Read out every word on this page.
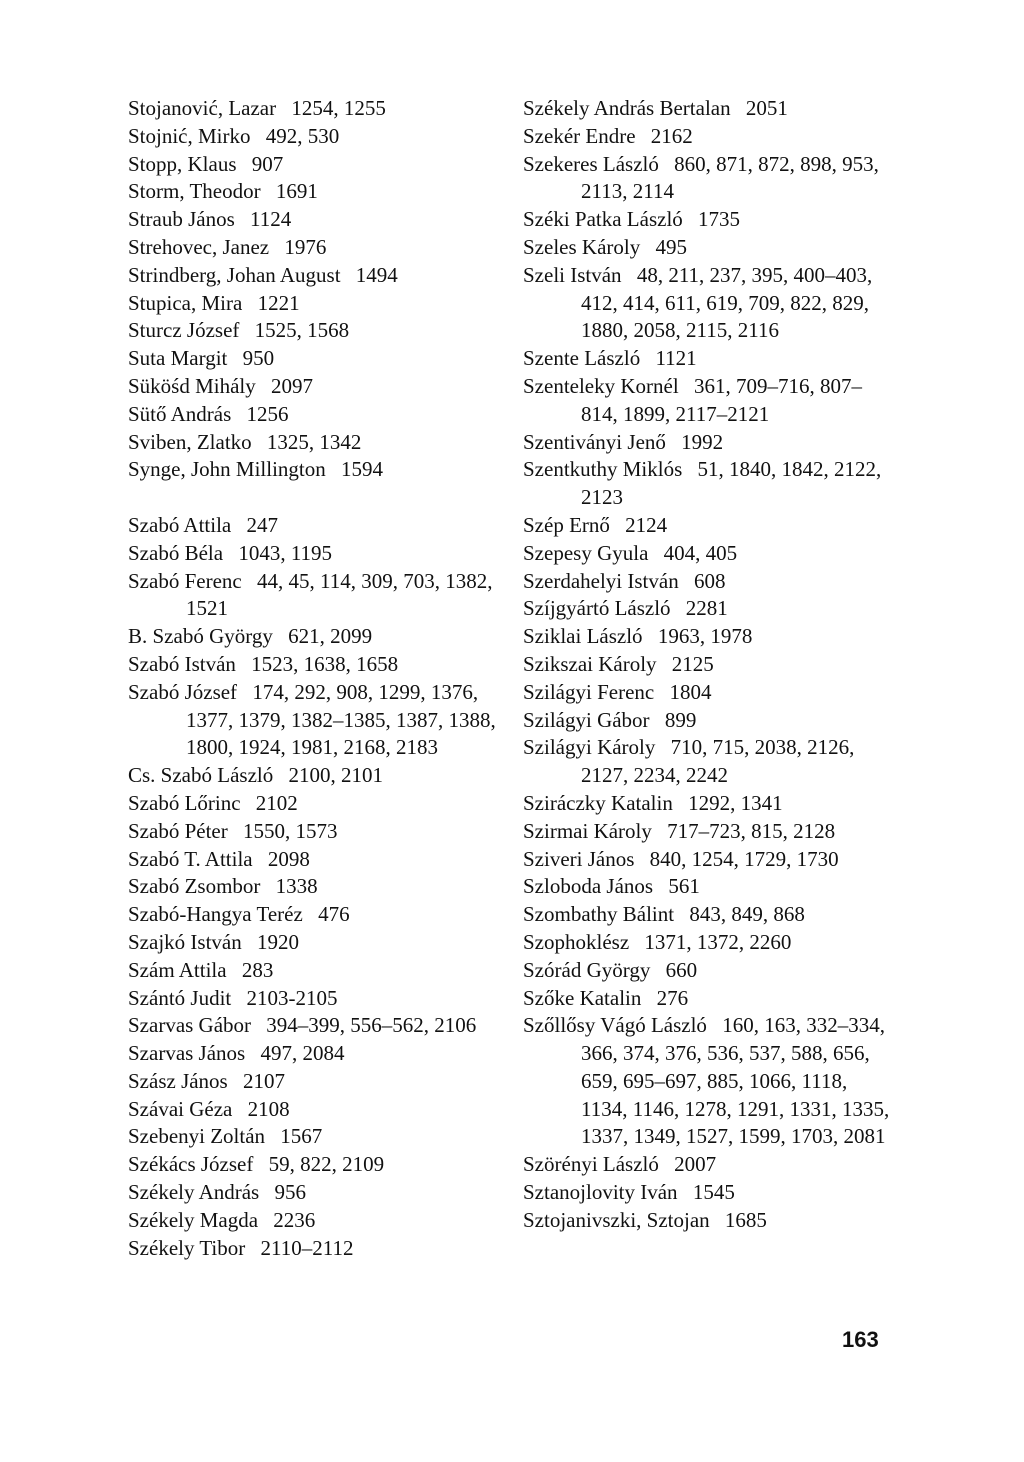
Stojanović, Lazar 1254, 1255

Stojnić, Mirko 492, 530

Stopp, Klaus 907

Storm, Theodor 1691

Straub János 1124

Strehovec, Janez 1976

Strindberg, Johan August 1494

Stupica, Mira 1221

Sturcz József 1525, 1568

Suta Margit 950

Süköśd Mihály 2097

Sütő András 1256

Sviben, Zlatko 1325, 1342

Synge, John Millington 1594

Szabó Attila 247

Szabó Béla 1043, 1195

Szabó Ferenc 44, 45, 114, 309, 703, 1382, 1521

B. Szabó György 621, 2099

Szabó István 1523, 1638, 1658

Szabó József 174, 292, 908, 1299, 1376, 1377, 1379, 1382–1385, 1387, 1388, 1800, 1924, 1981, 2168, 2183

Cs. Szabó László 2100, 2101

Szabó Lőrinc 2102

Szabó Péter 1550, 1573

Szabó T. Attila 2098

Szabó Zsombor 1338

Szabó-Hangya Teréz 476

Szajkó István 1920

Szám Attila 283

Szántó Judit 2103-2105

Szarvas Gábor 394–399, 556–562, 2106

Szarvas János 497, 2084

Szász János 2107

Szávai Géza 2108

Szebenyi Zoltán 1567

Székács József 59, 822, 2109

Székely András 956

Székely Magda 2236

Székely Tibor 2110–2112

Székely András Bertalan 2051

Szekér Endre 2162

Szekeres László 860, 871, 872, 898, 953, 2113, 2114

Széki Patka László 1735

Szeles Károly 495

Szeli István 48, 211, 237, 395, 400–403, 412, 414, 611, 619, 709, 822, 829, 1880, 2058, 2115, 2116

Szente László 1121

Szenteleky Kornél 361, 709–716, 807–814, 1899, 2117–2121

Szentiványi Jenő 1992

Szentkuthy Miklós 51, 1840, 1842, 2122, 2123

Szép Ernő 2124

Szepesy Gyula 404, 405

Szerdahelyi István 608

Szíjgyártó László 2281

Sziklai László 1963, 1978

Szikszai Károly 2125

Szilágyi Ferenc 1804

Szilágyi Gábor 899

Szilágyi Károly 710, 715, 2038, 2126, 2127, 2234, 2242

Sziráczky Katalin 1292, 1341

Szirmai Károly 717–723, 815, 2128

Sziveri János 840, 1254, 1729, 1730

Szloboda János 561

Szombathy Bálint 843, 849, 868

Szophoklész 1371, 1372, 2260

Szórád György 660

Szőke Katalin 276

Szőllősy Vágó László 160, 163, 332–334, 366, 374, 376, 536, 537, 588, 656, 659, 695–697, 885, 1066, 1118, 1134, 1146, 1278, 1291, 1331, 1335, 1337, 1349, 1527, 1599, 1703, 2081

Szörényi László 2007

Sztanojlovity Iván 1545

Sztojanivszki, Sztojan 1685

163
